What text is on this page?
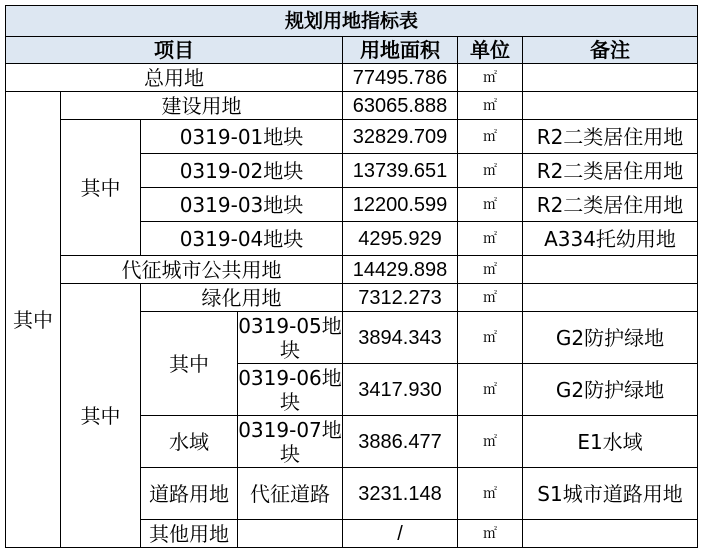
规划用地指标表						
项目				用地面积	单位	备注
总用地				77495.786	㎡	
其中	建设用地			63065.888	㎡	
	其中	0319-01地块		32829.709	㎡	R2二类居住用地
		0319-02地块		13739.651	㎡	R2二类居住用地
		0319-03地块		12200.599	㎡	R2二类居住用地
		0319-04地块		4295.929	㎡	A334托幼用地
	代征城市公共用地			14429.898	㎡	
	其中	绿化用地		7312.273	㎡	
		其中	0319-05地块	3894.343	㎡	G2防护绿地
			0319-06地块	3417.930	㎡	G2防护绿地
		水域	0319-07地块	3886.477	㎡	E1水域
		道路用地	代征道路	3231.148	㎡	S1城市道路用地
		其他用地		/	㎡	
